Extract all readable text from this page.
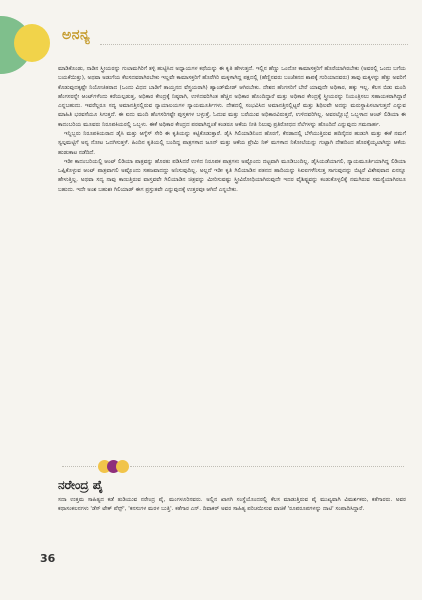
ಅನನ್ಯ

ಮಾಡಿಕೊಂಡು, ನಾಡಿನ ಸ್ತ್ರೀಯರನ್ನು ಗುಲಾಮಗಿರಿಗೆ ತಳ್ಳಿ ಹುಟ್ಟಿಸಿದ ಅಧ್ಯಾಯಗಳ ಕಥೆಯನ್ನು ಈ ಕೃತಿ ಹೇಳುತ್ತದೆ. ಇಲ್ಲಿನ ಹೆಣ್ಣು ಒಂದೋ ಕಾಮಾಸಕ್ತರಿಗೆ ಹೊರೆಯಾಗಿರಬೇಕು (ಅವರಲ್ಲಿ ಒಂದು ಬಗೆಯ ಬಯಕೆಯಿತ್ತು), ಅಥವಾ ಅಡುಗೆಯ ಕೆಲಸದವರಾಗಿರಬೇಕು ಇಲ್ಲವೇ ಕಾಮಾಸಕ್ತರಿಗೆ ಹೊರೆಗಿರಿ ಮಕ್ಕಳಾಗಿದ್ದ ಪಕ್ಷದಲ್ಲಿ (ಹೆಣ್ಣಿನವರು ಬಂಜೆತನದ ಶಾಪಕ್ಕೆ ಗುರಿಯಾದವರು) ತಾವು ಮಕ್ಕಳನ್ನು ಹೆತ್ತು ಅವರಿಗೆ ಕೊಡುವುದಕ್ಕಷ್ಟೇ ನಿಯೋಜಿತರಾದ (ಒಂದು ವಿಧದ ಬಾಡಿಗೆ ತಾಯ್ತನದ ವೆಸ್ತ್ರಯರಾಗಿ) ಹ್ಯಾಂಡ್‌ಮೇಡ್ ಆಗಿರಬೇಕು. ದೇಶದ ಹೆಂಗಸರಿಗೆ ಬೇರೆ ಯಾವುದೇ ಅಧಿಕಾರ, ಹಕ್ಕು ಇಲ್ಲ. ಕೆಲಸ ಬಿಡು ಮಂದಿ ಹೆಂಗಸರನ್ನೇ ಆಂಟ್‌ಗಳೆಂದು ಕರೆಯಲ್ಪಡುತ್ತ, ಅಧಿಕಾರ ಕೇಂದ್ರಕ್ಕೆ ನಿಷ್ಠರಾಗಿ, ಉಳಿದವರಿಗಿಂತ ಹೆಚ್ಚಿನ ಅಧಿಕಾರ ಹೊಂದಿದ್ದಾರೆ ಮತ್ತು ಅಧಿಕಾರ ಕೇಂದ್ರಕ್ಕೆ ಸ್ತ್ರೀಯರನ್ನು ನಿಯಂತ್ರಿಸಲು ಸಹಾಯಕರಾಗಿದ್ದಾರೆ ಎನ್ನಬಹುದು. ಇವರೆಲ್ಲರೂ ಸದ್ಯ ಅಮಾನತ್ತಿನಲ್ಲಿರುವ ನ್ಯಾಯಾಲಯಗಳ ನ್ಯಾಯಮೂರ್ತಿಗಳು. ದೇಶದಲ್ಲಿ ಸಂಭವಿಸಿದ ಅಮಾನತ್ತಿನಲ್ಲಿಟ್ಟರೆ ಮತ್ತು ಶಿಥಿಲವೇ ಅದನ್ನು ಮರುಸ್ಥಾಪಿಸಲಾಗುತ್ತದೆ ಎನ್ನುವ ಮಾಹಿತಿ ಭರವಸೆಯೂ ಸಿಗುತ್ತದೆ. ಈ ಐದು ಮಂದಿ ಹೆಂಗಸರಿಗಷ್ಟೇ ಪುಸ್ತಕಗಳ ಬಳ್ಳುತ್ತೆ, ಓದುವ ಮತ್ತು ಬರೆಯುವ ಅಧಿಕಾರವಿರುತ್ತದೆ, ಉಳಿದವರಿಗಿಲ್ಲ. ಅವರಲ್ಲೊಬ್ಬೆ ಒಬ್ಬಳಾದ ಆಂಟ್ ಲಿಡಿಯಾ ಈ ಕಾದಂಬರಿಯ ಮೂವರು ನಿರೂಪಕಿಯರಲ್ಲಿ ಒಬ್ಬಳು. ಈಕೆ ಅಧಿಕಾರ ಕೇಂದ್ರದ ಪರವಾಗಿದ್ದಂತೆ ಕಂಡರೂ ಆಕೆಯ ನೀತಿ ನಿಲುವು ಪ್ರತಿರೋಧದ ನೆಲೆಗಳನ್ನು ಹೊಂದಿದೆ ಎನ್ನುವುದು ಗಮನಾರ್ಹ.

ಇನ್ನಿಬ್ಬರು ನಿರೂಪಕಿಯರಾದ ಡೈಸಿ ಮತ್ತು ಆಗ್ನೆಸ್ ಸೇರಿ ಈ ಕೃತಿಯನ್ನು ಕಟ್ಟಿಕೊಡುತ್ತಾರೆ. ಡೈಸಿ ಗಿಲಿಯಾಡಿನಿಂದ ಹೊರಗೆ, ಕೆನಡಾದಲ್ಲಿ ಬೆಳೆಯುತ್ತಿರುವ ಹದಿನೈದರ ಹುಡುಗಿ ಮತ್ತು ಈಕೆ ನಮಗೆ ಸ್ವಲ್ಪಮಟ್ಟಿಗೆ ಅನ್ಯ ನೋಟ ಒದಗಿಸುತ್ತಳೆ. ಹಿಂದಿನ ಕೃತಿಯಲ್ಲಿ ಬಂದಿದ್ದ ಪಾತ್ರಗಳಾದ ಜೂನ್ ಮತ್ತು ಆಕೆಯ ಪ್ರೇಮಿ ನಿಕ್ ಮಗಳಾದ ನಿಕೋಲೆಯನ್ನು ಗುಟ್ಟಾಗಿ ದೇಶದಿಂದ ಹೊರಕ್ಕೆಯ್ಯಲಾಗಿದ್ದು ಆಕೆಯ ಹುಡುಕಾಟ ನಡೆದಿದೆ.

ಇಡೀ ಕಾದಂಬರಿಯಲ್ಲಿ ಆಂಟ್ ಲಿಡಿಯಾ ಪಾತ್ರವನ್ನು ಹೊರತು ಪಡಿಸಿದರೆ ಉಳಿದ ನಿರೂಪಕ ಪಾತ್ರಗಳು ಅಷ್ಟೊಂದು ದಟ್ಟವಾಗಿ ಮೂಡಿಬಂದಿಲ್ಲ. ಡೈಸಿಯಡೆಯಾಗಲಿ, ನ್ಯಾಯಮೂರ್ತಿಯಾಗಿದ್ದ ಲಿಡಿಯಾ ಒಪ್ಪಿಕೊಳ್ಳುವ ಆಂಟ್ ಪಾತ್ರವಾಗಲಿ ಅಷ್ಟೊಂದು ಸಹಜವಾದದ್ದು ಅನಿಸುವುದಿಲ್ಲ. ಅಲ್ಲದೆ ಇಡೀ ಕೃತಿ ಗಿಲಿಯಾಡಿನ ಪತನದ ಹಾದಿಯನ್ನು ಸಿಐಐಗಳೆನಿಸುತ್ತ ಸಾಗುವುದನ್ನು ಬಿಟ್ಟರೆ ವಿಶೇಷವಾದ ಏನನ್ನೂ ಹೇಳುತ್ತಿಲ್ಲ. ಅಥವಾ ಸದ್ಯ ನಾವು ಕಾಣುತ್ತಿರುವ ವಾಸ್ತವವೇ ಗಿಲಿಯಾಡಿನ ಚಿತ್ರವನ್ನು ಮೀರಿಸುವಷ್ಟು ಸ್ತ್ರೀವಿರೋಧಿಯಾಗಿರುವುದೇ ಇದರ ವೈಶಿಷ್ಟ್ಯವನ್ನು ಕಂಡುಕೊಳ್ಳಲಿಕ್ಕೆ ನಮಗಿರುವ ಸಮಸ್ಯೆಯಾಗಿರಲೂ ಬಹುದು. ಇದೇ ಅಂಶ ಬಹುಶಃ ಗಿಲಿಯಾಡ್ ಈಗ ಪ್ರಸ್ತುತವೇ ಎನ್ನುವುದಕ್ಕೆ ಉತ್ತರವೂ ಆಗಿದೆ ಎನ್ನಬೇಕು.

ನರೇಂದ್ರ ಪೈ

ಸದಾ ಉತ್ತಮ ಸಾಹಿತ್ಯದ ಕಡೆ ತುಡಿಯುವ ನರೇಂದ್ರ ಪೈ, ಮಂಗಳೂರಿನವರು. ಅಲ್ಲಿನ ಖಾಸಗಿ ಸಂಸ್ಥೆಯೊಂದರಲ್ಲಿ ಕೆಲಸ ಮಾಡುತ್ತಿರುವ ಪೈ ಮುಖ್ಯವಾಗಿ ವಿಮರ್ಶಕರು, ಕತೆಗಾರರು. ಅವರ ಕಥಾಸಂಕಲನಗಳು 'ಡೆಸ್ ಟೇಕ್ ಪೆನ್ಸ್', 'ಕನಸುಗಳ ಮರಳ ಬುತ್ತಿ'. ಕತೆಗಾರ ಎನ್. ದಿವಾಕರ್ ಅವರ ಸಾಹಿತ್ಯ ಪರಿಚಯಿಸುವ ವಾಚಿಕೆ 'ರೂಪರೂಪಗಳನ್ನು ದಾಟಿ' ಸಂಪಾದಿಸಿದ್ದಾರೆ.

36
